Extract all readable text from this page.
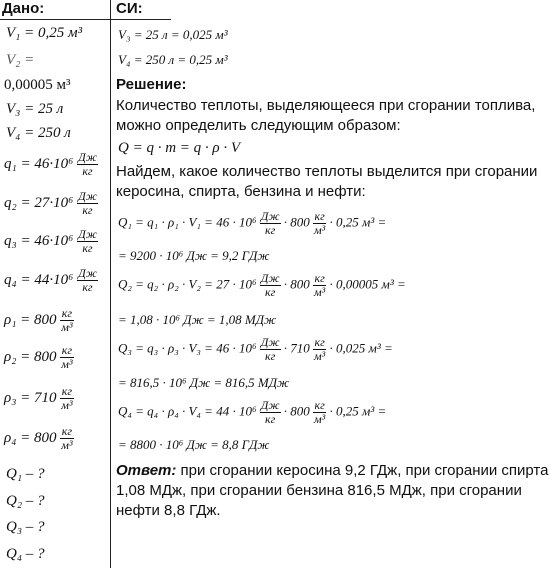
Дано:
V₁ = 0,25 м³
V₂ =
0,00005 м³
V₃ = 25 л
V₄ = 250 л
$q_1 = 46\cdot 10^6 \frac{Дж}{кг}$
$q_2 = 27\cdot 10^6 \frac{Дж}{кг}$
$q_3 = 46\cdot 10^6 \frac{Дж}{кг}$
$q_4 = 44\cdot 10^6 \frac{Дж}{кг}$
$\rho_1 = 800 \frac{кг}{\text{м³}}$
$\rho_2 = 800 \frac{кг}{\text{м³}}$
$\rho_3 = 710 \frac{кг}{\text{м³}}$
$\rho_4 = 800 \frac{кг}{\text{м³}}$
Q₁ – ?
Q₂ – ?
Q₃ – ?
Q₄ – ?
СИ:
V₃ = 25 л = 0,025 м³
V₄ = 250 л = 0,25 м³
Решение:
Количество теплоты, выделяющееся при сгорании топлива,
можно определить следующим образом:
Q = q · m = q · ρ · V
Найдем, какое количество теплоты выделится при сгорании
керосина, спирта, бензина и нефти:
$Q_1 = q_1 \cdot \rho_1 \cdot V_1 = 46 \cdot 10^6 \frac{Дж}{кг} \cdot 800 \frac{кг}{\text{м³}} \cdot 0,25$ м³ =
= 9200 · 10⁶ Дж = 9,2 ГДж
$Q_2 = q_2 \cdot \rho_2 \cdot V_2 = 27 \cdot 10^6 \frac{Дж}{кг} \cdot 800 \frac{кг}{\text{м³}} \cdot 0,00005$ м³ =
= 1,08 · 10⁶ Дж = 1,08 МДж
$Q_3 = q_3 \cdot \rho_3 \cdot V_3 = 46 \cdot 10^6 \frac{Дж}{кг} \cdot 710 \frac{кг}{\text{м³}} \cdot 0,025$ м³ =
= 816,5 · 10⁶ Дж = 816,5 МДж
$Q_4 = q_4 \cdot \rho_4 \cdot V_4 = 44 \cdot 10^6 \frac{Дж}{кг} \cdot 800 \frac{кг}{\text{м³}} \cdot 0,25$ м³ =
= 8800 · 10⁶ Дж = 8,8 ГДж
Ответ: при сгорании керосина 9,2 ГДж, при сгорании спирта
1,08 МДж, при сгорании бензина 816,5 МДж, при сгорании
нефти 8,8 ГДж.
